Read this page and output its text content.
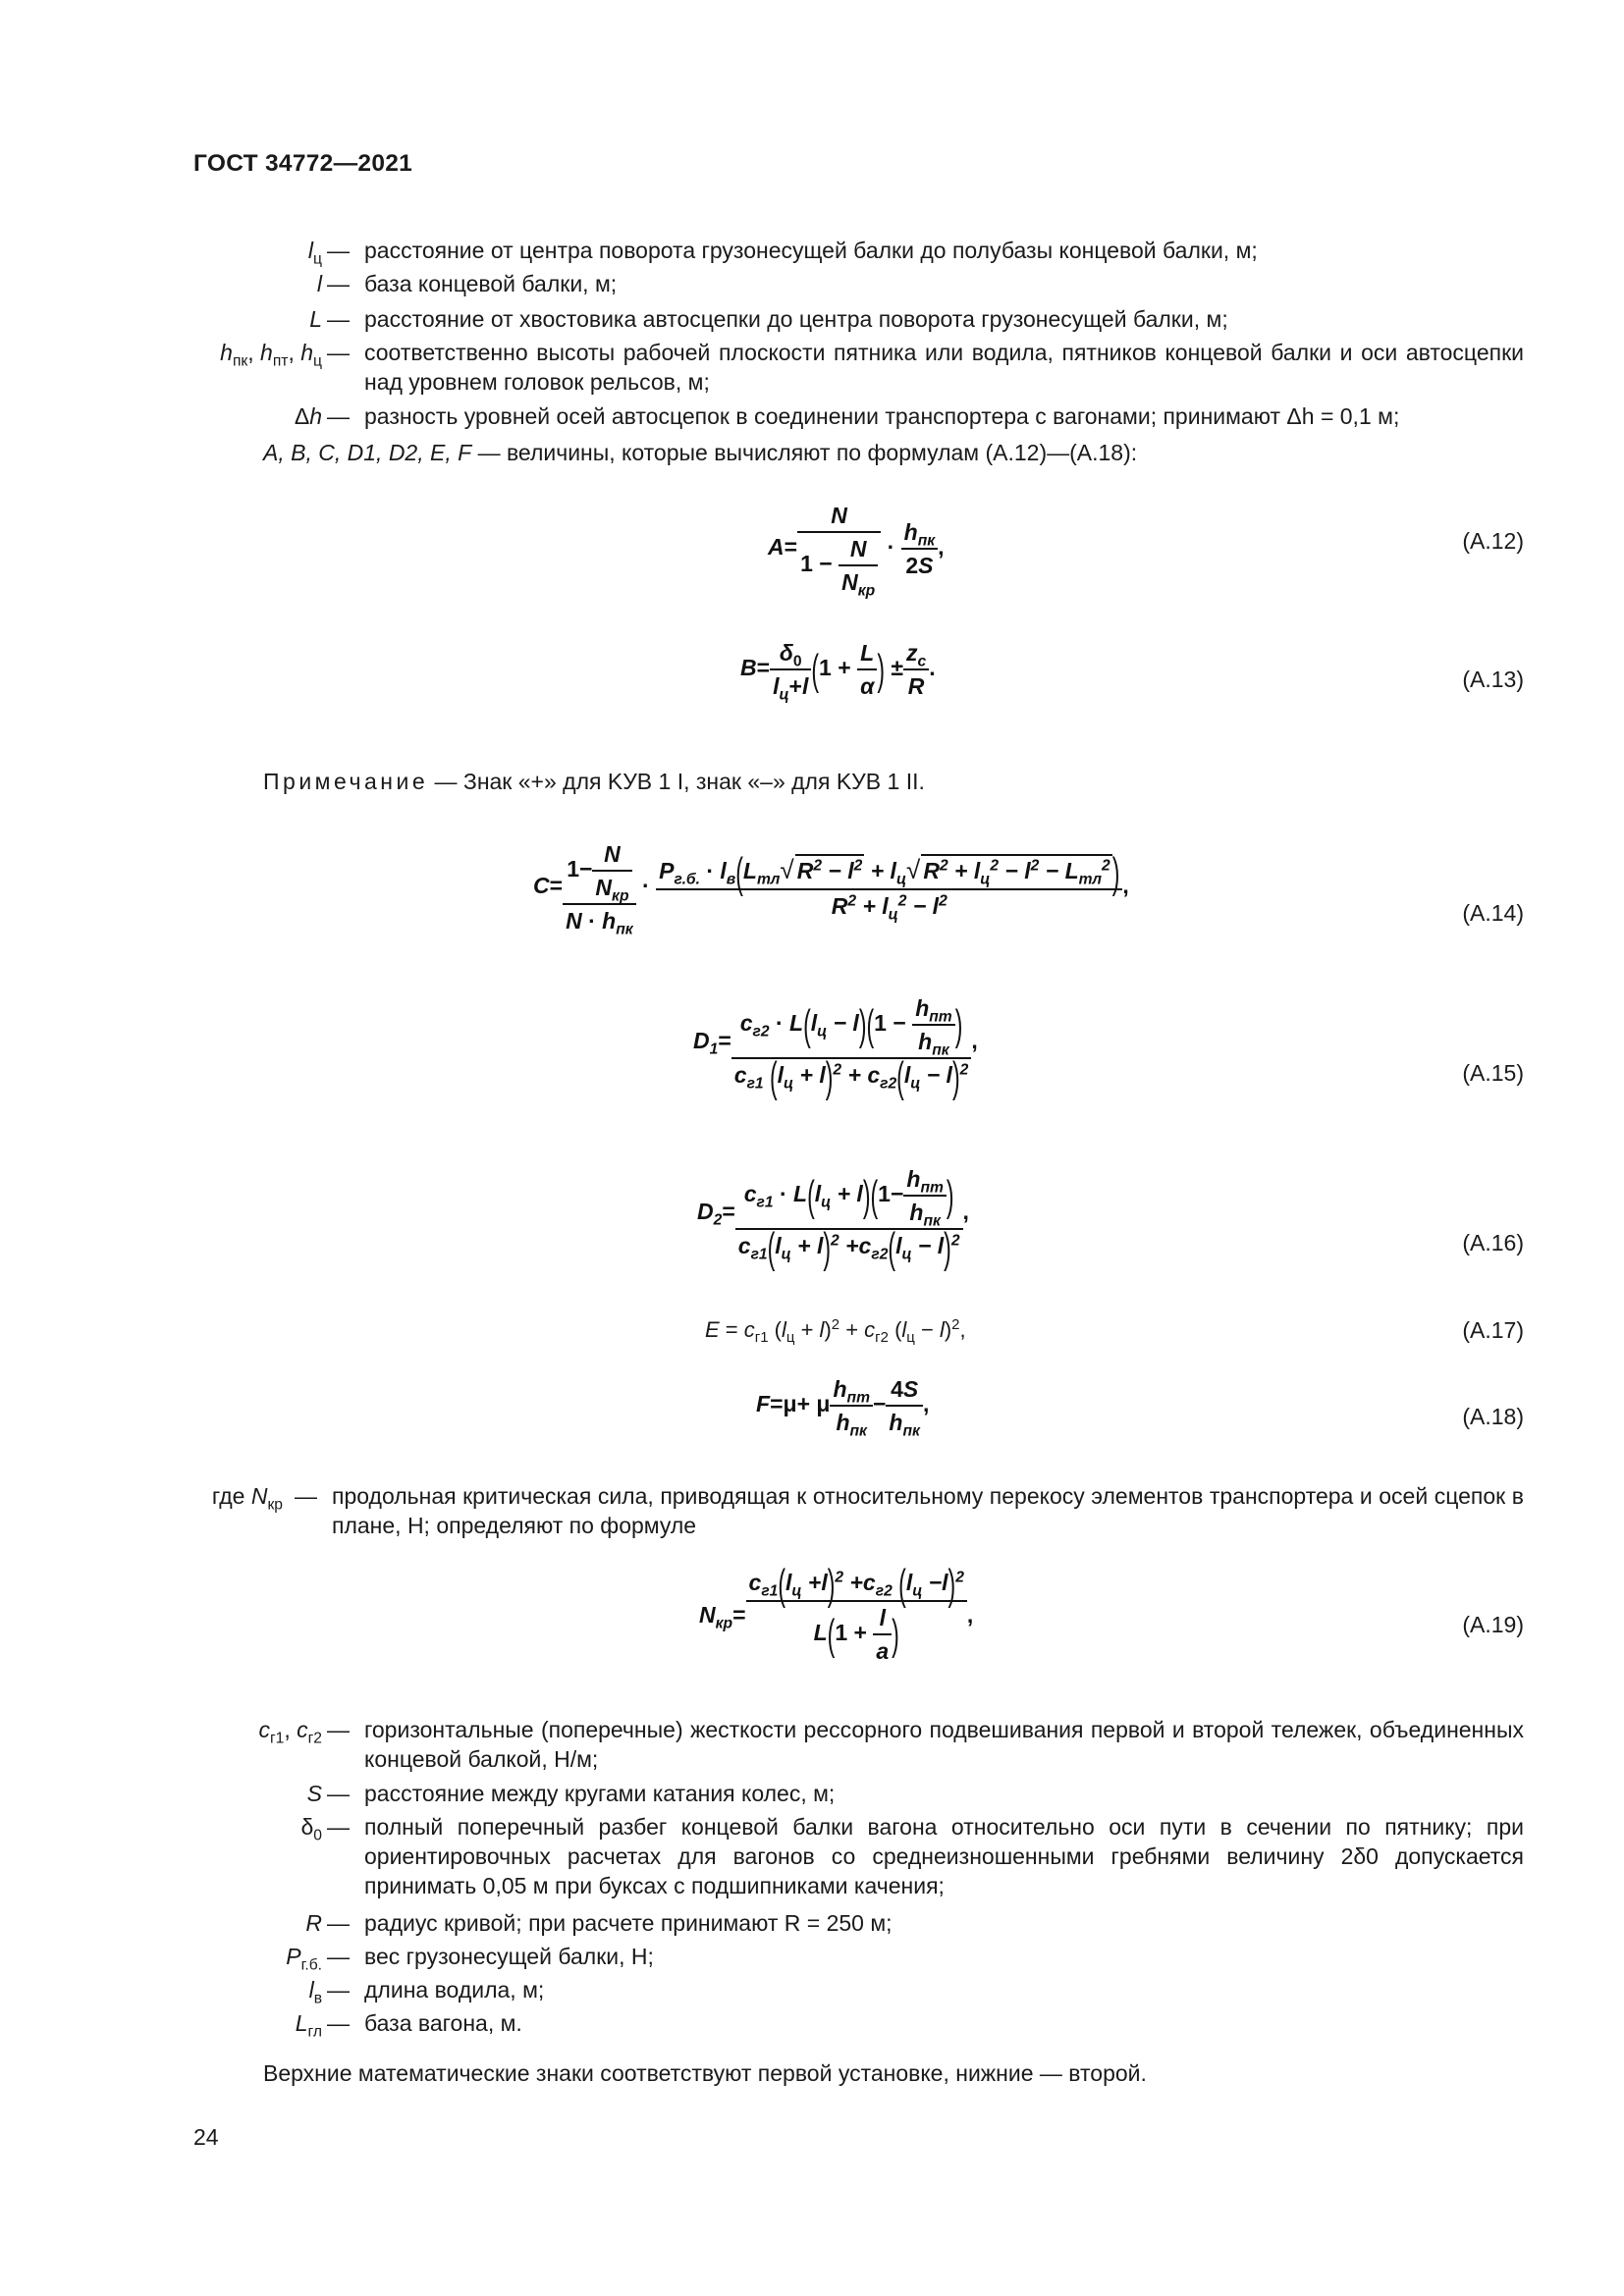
ГОСТ 34772—2021
$l_ц$ — расстояние от центра поворота грузонесущей балки до полубазы концевой балки, м;
l — база концевой балки, м;
L — расстояние от хвостовика автосцепки до центра поворота грузонесущей балки, м;
$h_{пк}$, $h_{пт}$, $h_ц$ — соответственно высоты рабочей плоскости пятника или водила, пятников концевой балки и оси автосцепки над уровнем головок рельсов, м;
Δh — разность уровней осей автосцепок в соединении транспортера с вагонами; принимают Δh = 0,1 м;
A, B, C, D1, D2, E, F — величины, которые вычисляют по формулам (А.12)—(А.18):
$A= \frac{N}{1 - \frac{N}{N_{кр}}} \cdot \frac{h_{пк}}{2S}$ ,	(А.12)
$B= \frac{\delta_0}{l_ц+l} (1 + \frac{L}{\alpha}$ ) ± $\frac{z_c}{R}$ .	(А.13)
Примечание — Знак «+» для KУВ 1 I, знак «–» для KУВ 1 II.
$C= \frac{1- \frac{N}{N_{кр}}}{N \cdot h_{пк}} \cdot \frac{P_{г.б.} \cdot l_в(L_{тл}√ R^2 - l^2 + l_ц√ R^2 + l_ц^2 - l^2 - L_{тл}^2)}{R^2 + l_ц^2 - l^2}$ ,
(А.14)
$D_1= \frac{c_{г2} \cdot L(l_ц - l)(1 - \frac{h_{пт}}{h_{пк}} )}{c_{г1} (l_ц + l)^2 + c_{г2}(l_ц - l)^2}$ ,
(А.15)
$D_2= \frac{c_{г1} \cdot L(l_ц + l)(1- \frac{h_{пт}}{h_{пк}} )}{c_{г1}(l_ц + l)^2 +c_{г2}(l_ц - l)^2}$ ,
(А.16)
$E = c_{г1}$ $(l_ц + l)^2 + c_{г2}$ $(l_ц - l)^2$,	(А.17)
F=μ+ μ $\frac{h_{пт}}{h_{пк}} - \frac{4S}{h_{пк}}$ ,	(А.18)
где $N_{кр}$ — продольная критическая сила, приводящая к относительному перекосу элементов транспортера и осей сцепок в плане, Н; определяют по формуле
$N_{кр}= \frac{c_{г1}(l_ц +l)^2 +c_{г2} (l_ц -l)^2}{L(1 + \frac{l}{a} )}$ ,	(А.19)
$c_{г1}$, $c_{г2}$ — горизонтальные (поперечные) жесткости рессорного подвешивания первой и второй тележек, объединенных концевой балкой, Н/м;
S — расстояние между кругами катания колес, м;
$\delta_0$ — полный поперечный разбег концевой балки вагона относительно оси пути в сечении по пятнику; при ориентировочных расчетах для вагонов со среднеизношенными гребнями величину 2δ0 допускается принимать 0,05 м при буксах с подшипниками качения;
R — радиус кривой; при расчете принимают R = 250 м;
$P_{г.б.}$ — вес грузонесущей балки, Н;
$l_в$ — длина водила, м;
$L_{гл}$ — база вагона, м.
Верхние математические знаки соответствуют первой установке, нижние — второй.
24
